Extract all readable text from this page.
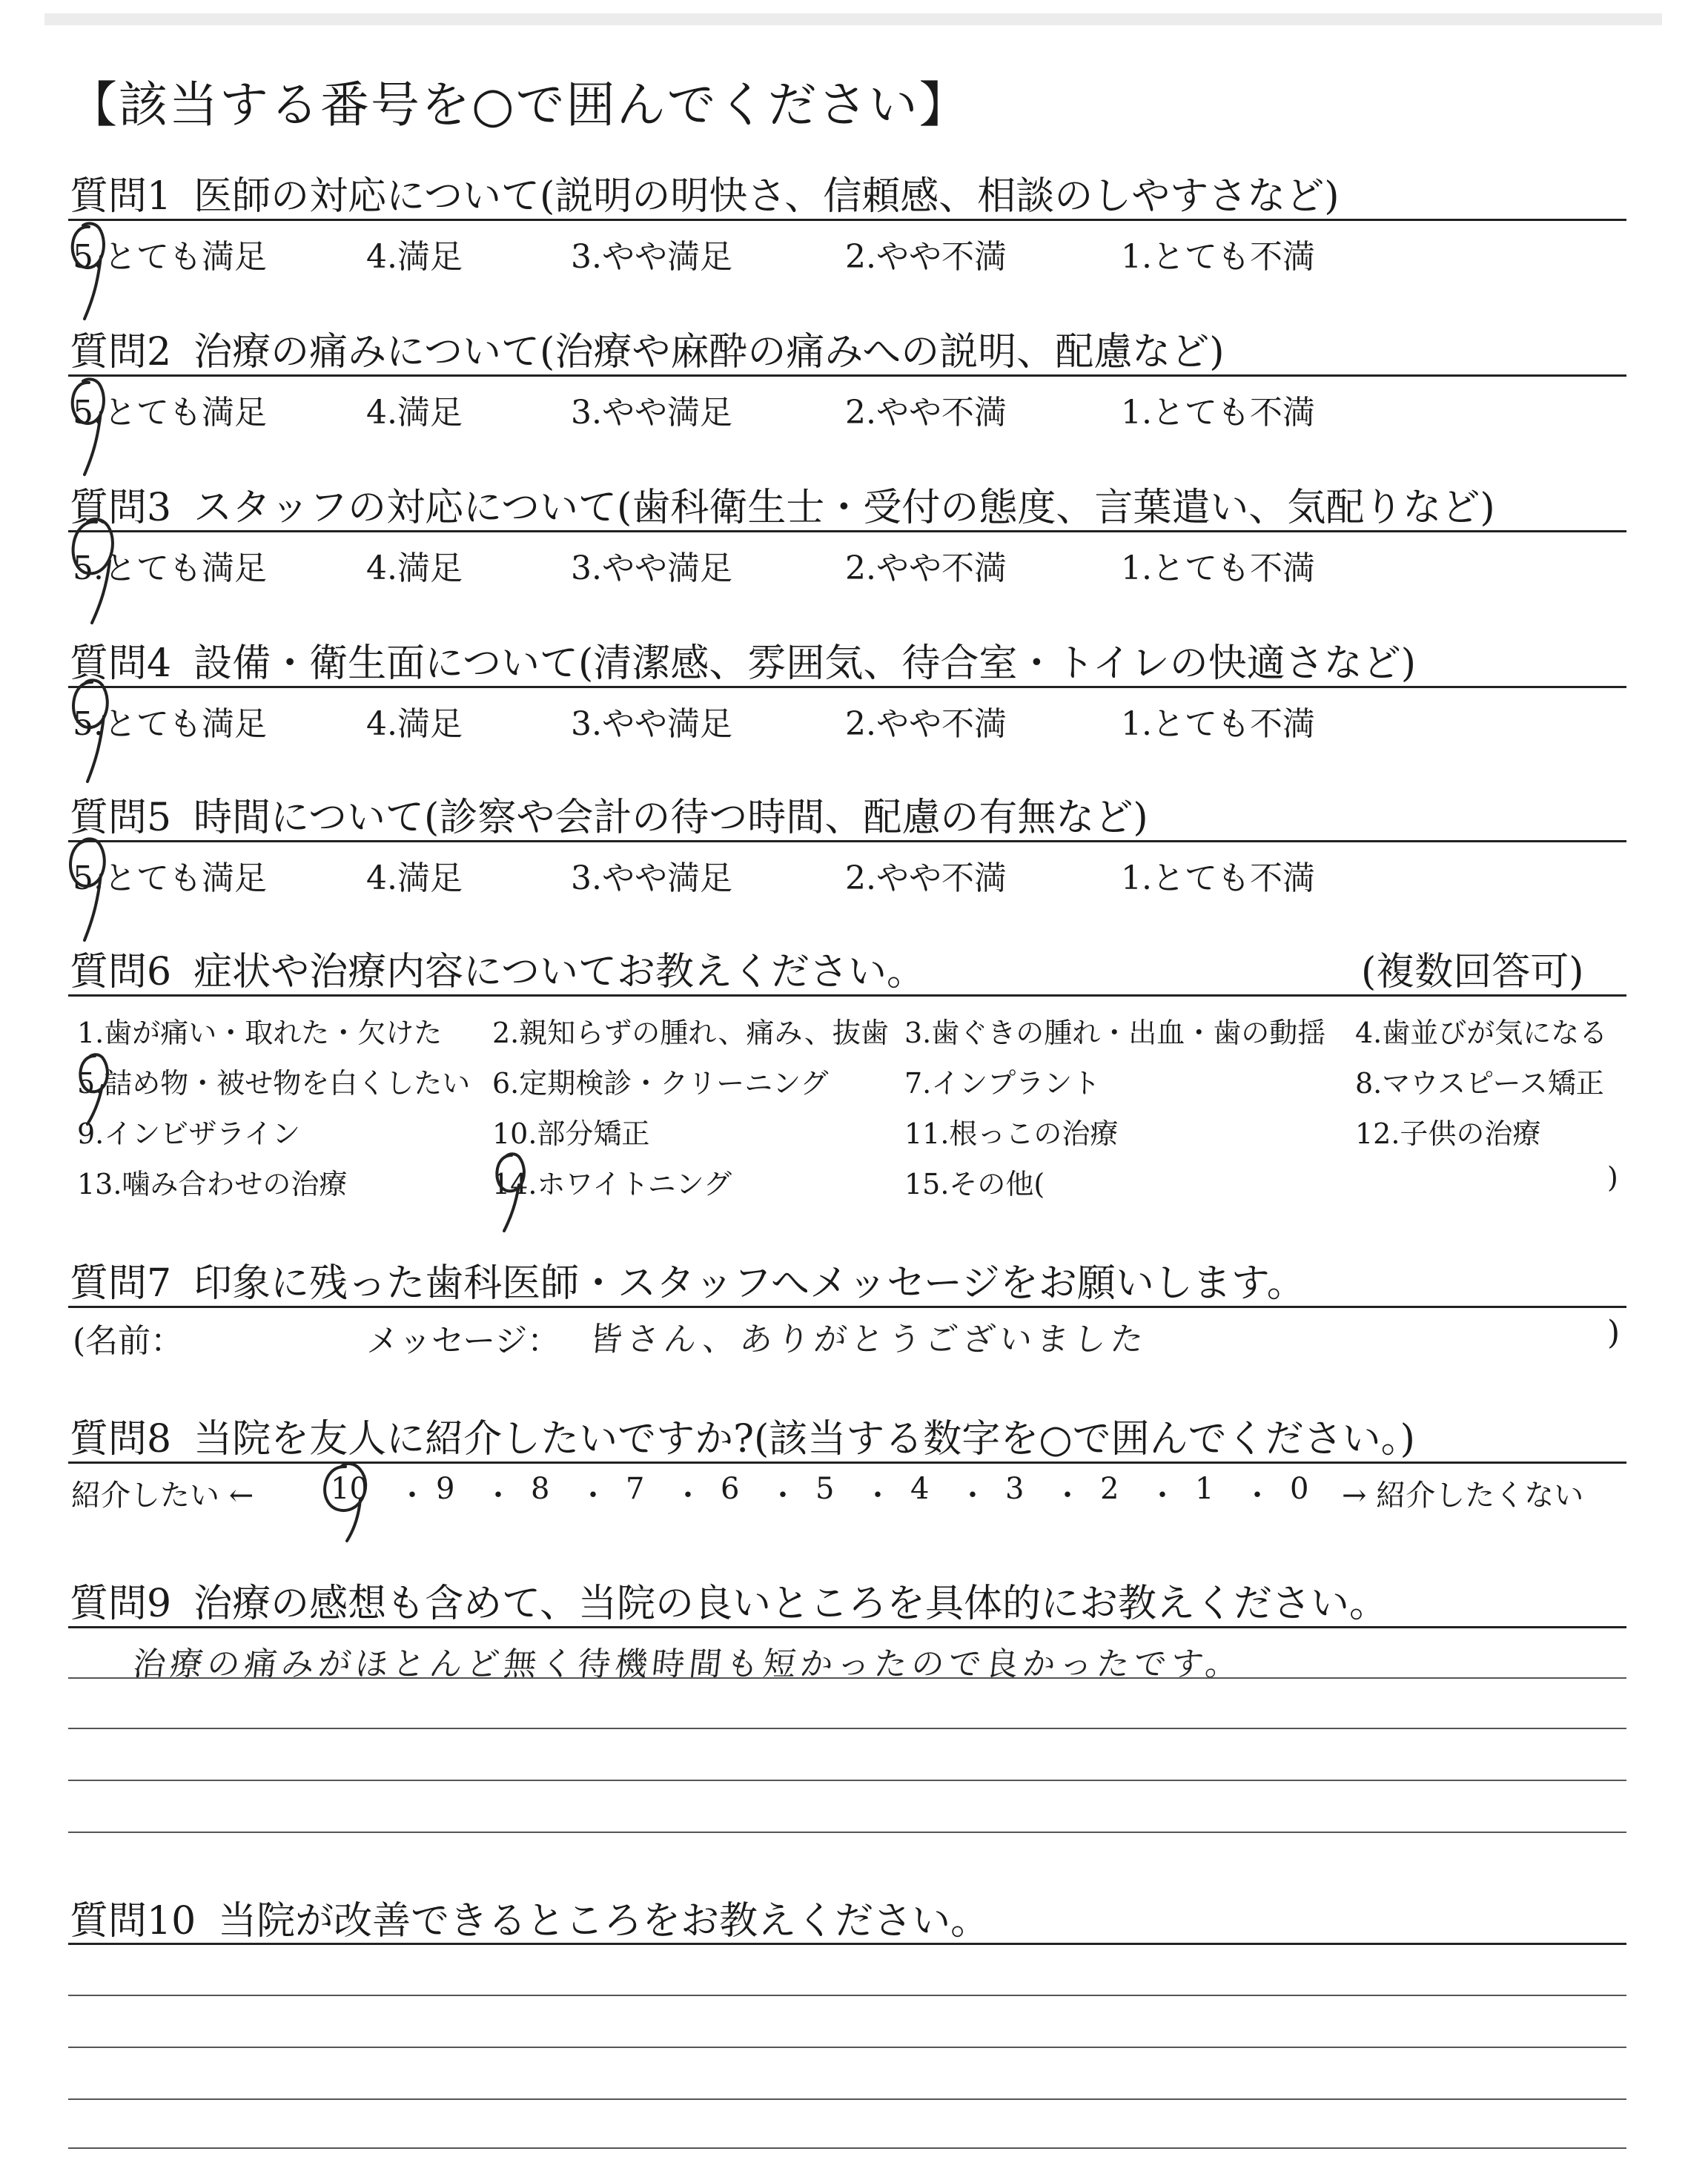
【該当する番号を○で囲んでください】
質問1 医師の対応について(説明の明快さ、信頼感、相談のしやすさなど)
5.とても満足	4.満足	3.やや満足	2.やや不満	1.とても不満
質問2 治療の痛みについて(治療や麻酔の痛みへの説明、配慮など)
5.とても満足	4.満足	3.やや満足	2.やや不満	1.とても不満
質問3 スタッフの対応について(歯科衛生士・受付の態度、言葉遣い、気配りなど)
5.とても満足	4.満足	3.やや満足	2.やや不満	1.とても不満
質問4 設備・衛生面について(清潔感、雰囲気、待合室・トイレの快適さなど)
5.とても満足	4.満足	3.やや満足	2.やや不満	1.とても不満
質問5 時間について(診察や会計の待つ時間、配慮の有無など)
5.とても満足	4.満足	3.やや満足	2.やや不満	1.とても不満
質問6 症状や治療内容についてお教えください。	(複数回答可)
1.歯が痛い・取れた・欠けた 2.親知らずの腫れ、痛み、抜歯 3.歯ぐきの腫れ・出血・歯の動揺 4.歯並びが気になる
5.詰め物・被せ物を白くしたい 6.定期検診・クリーニング	7.インプラント	8.マウスピース矯正
9.インビザライン	10.部分矯正	11.根っこの治療	12.子供の治療
13.噛み合わせの治療	14.ホワイトニング	15.その他(	)
質問7 印象に残った歯科医師・スタッフへメッセージをお願いします。
(名前：	メッセージ： 皆さん、ありがとうございました	)
質問8 当院を友人に紹介したいですか?(該当する数字を○で囲んでください。)
紹介したい ←	10 ・ 9 ・ 8 ・ 7 ・ 6 ・ 5 ・ 4 ・ 3 ・ 2 ・ 1 ・ 0 → 紹介したくない
質問9 治療の感想も含めて、当院の良いところを具体的にお教えください。
治療の痛みがほとんど無く待機時間も短かったので良かったです。
質問10 当院が改善できるところをお教えください。
